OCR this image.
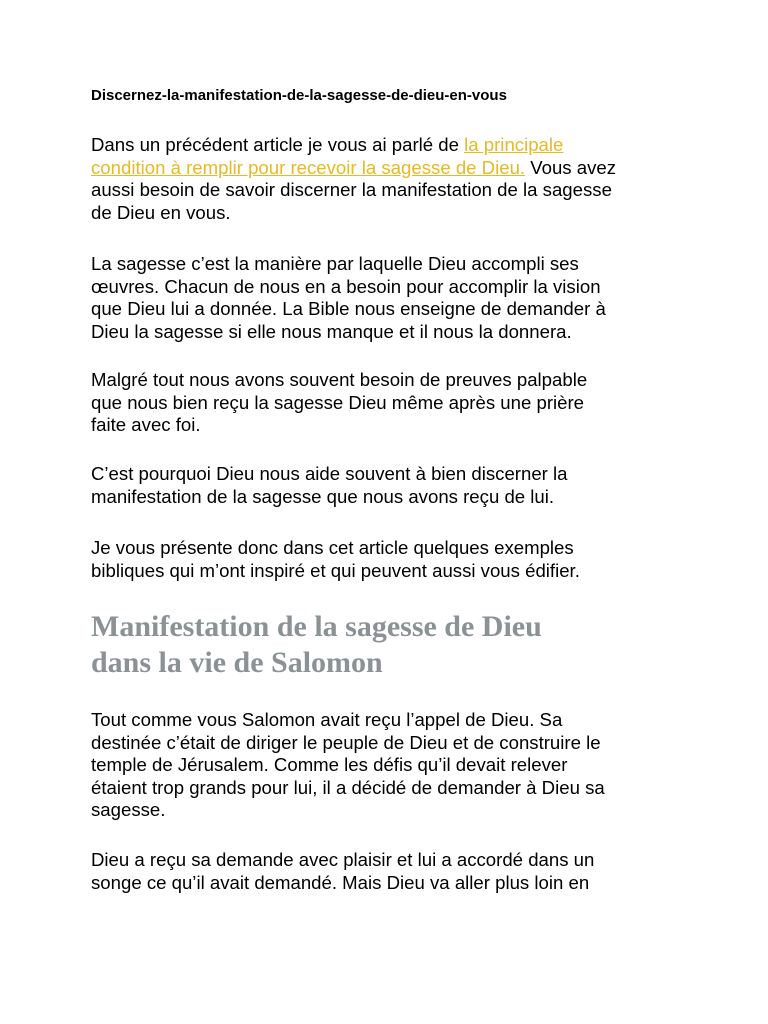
Discernez-la-manifestation-de-la-sagesse-de-dieu-en-vous

Dans un précédent article je vous ai parlé de la principale
condition à remplir pour recevoir la sagesse de Dieu. Vous avez
aussi besoin de savoir discerner la manifestation de la sagesse
de Dieu en vous.

La sagesse c’est la manière par laquelle Dieu accompli ses
œuvres. Chacun de nous en a besoin pour accomplir la vision
que Dieu lui a donnée. La Bible nous enseigne de demander à
Dieu la sagesse si elle nous manque et il nous la donnera.

Malgré tout nous avons souvent besoin de preuves palpable
que nous bien reçu la sagesse Dieu même après une prière
faite avec foi.

C’est pourquoi Dieu nous aide souvent à bien discerner la
manifestation de la sagesse que nous avons reçu de lui.

Je vous présente donc dans cet article quelques exemples
bibliques qui m’ont inspiré et qui peuvent aussi vous édifier.

Manifestation de la sagesse de Dieu
dans la vie de Salomon

Tout comme vous Salomon avait reçu l’appel de Dieu. Sa
destinée c’était de diriger le peuple de Dieu et de construire le
temple de Jérusalem. Comme les défis qu’il devait relever
étaient trop grands pour lui, il a décidé de demander à Dieu sa
sagesse.

Dieu a reçu sa demande avec plaisir et lui a accordé dans un
songe ce qu’il avait demandé. Mais Dieu va aller plus loin en
